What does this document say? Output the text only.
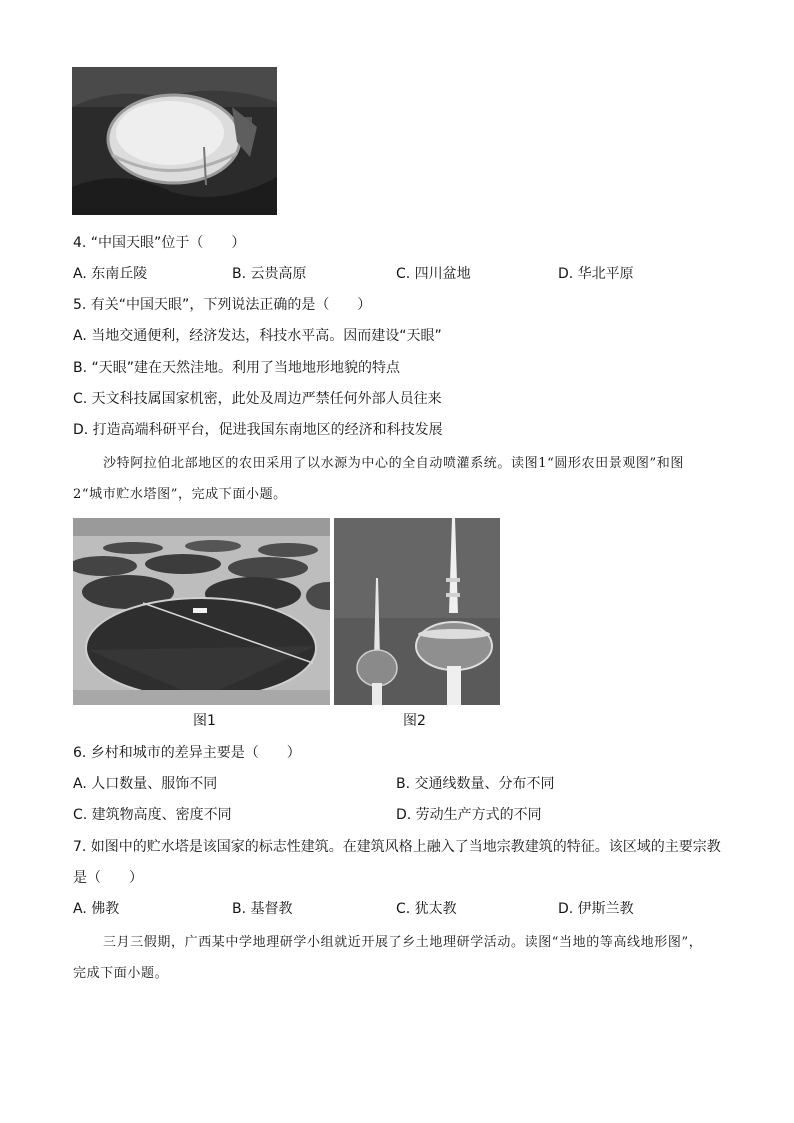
4. “中国天眼”位于（　　）
A. 东南丘陵	B. 云贵高原	C. 四川盆地	D. 华北平原
5. 有关“中国天眼”，下列说法正确的是（　　）
A. 当地交通便利，经济发达，科技水平高。因而建设“天眼”
B. “天眼”建在天然洼地。利用了当地地形地貌的特点
C. 天文科技属国家机密，此处及周边严禁任何外部人员往来
D. 打造高端科研平台，促进我国东南地区的经济和科技发展
沙特阿拉伯北部地区的农田采用了以水源为中心的全自动喷灌系统。读图1“圆形农田景观图”和图
2“城市贮水塔图”，完成下面小题。
图1	图2
6. 乡村和城市的差异主要是（　　）
A. 人口数量、服饰不同	B. 交通线数量、分布不同
C. 建筑物高度、密度不同	D. 劳动生产方式的不同
7. 如图中的贮水塔是该国家的标志性建筑。在建筑风格上融入了当地宗教建筑的特征。该区域的主要宗教
是（　　）
A. 佛教	B. 基督教	C. 犹太教	D. 伊斯兰教
三月三假期，广西某中学地理研学小组就近开展了乡土地理研学活动。读图“当地的等高线地形图”，
完成下面小题。
